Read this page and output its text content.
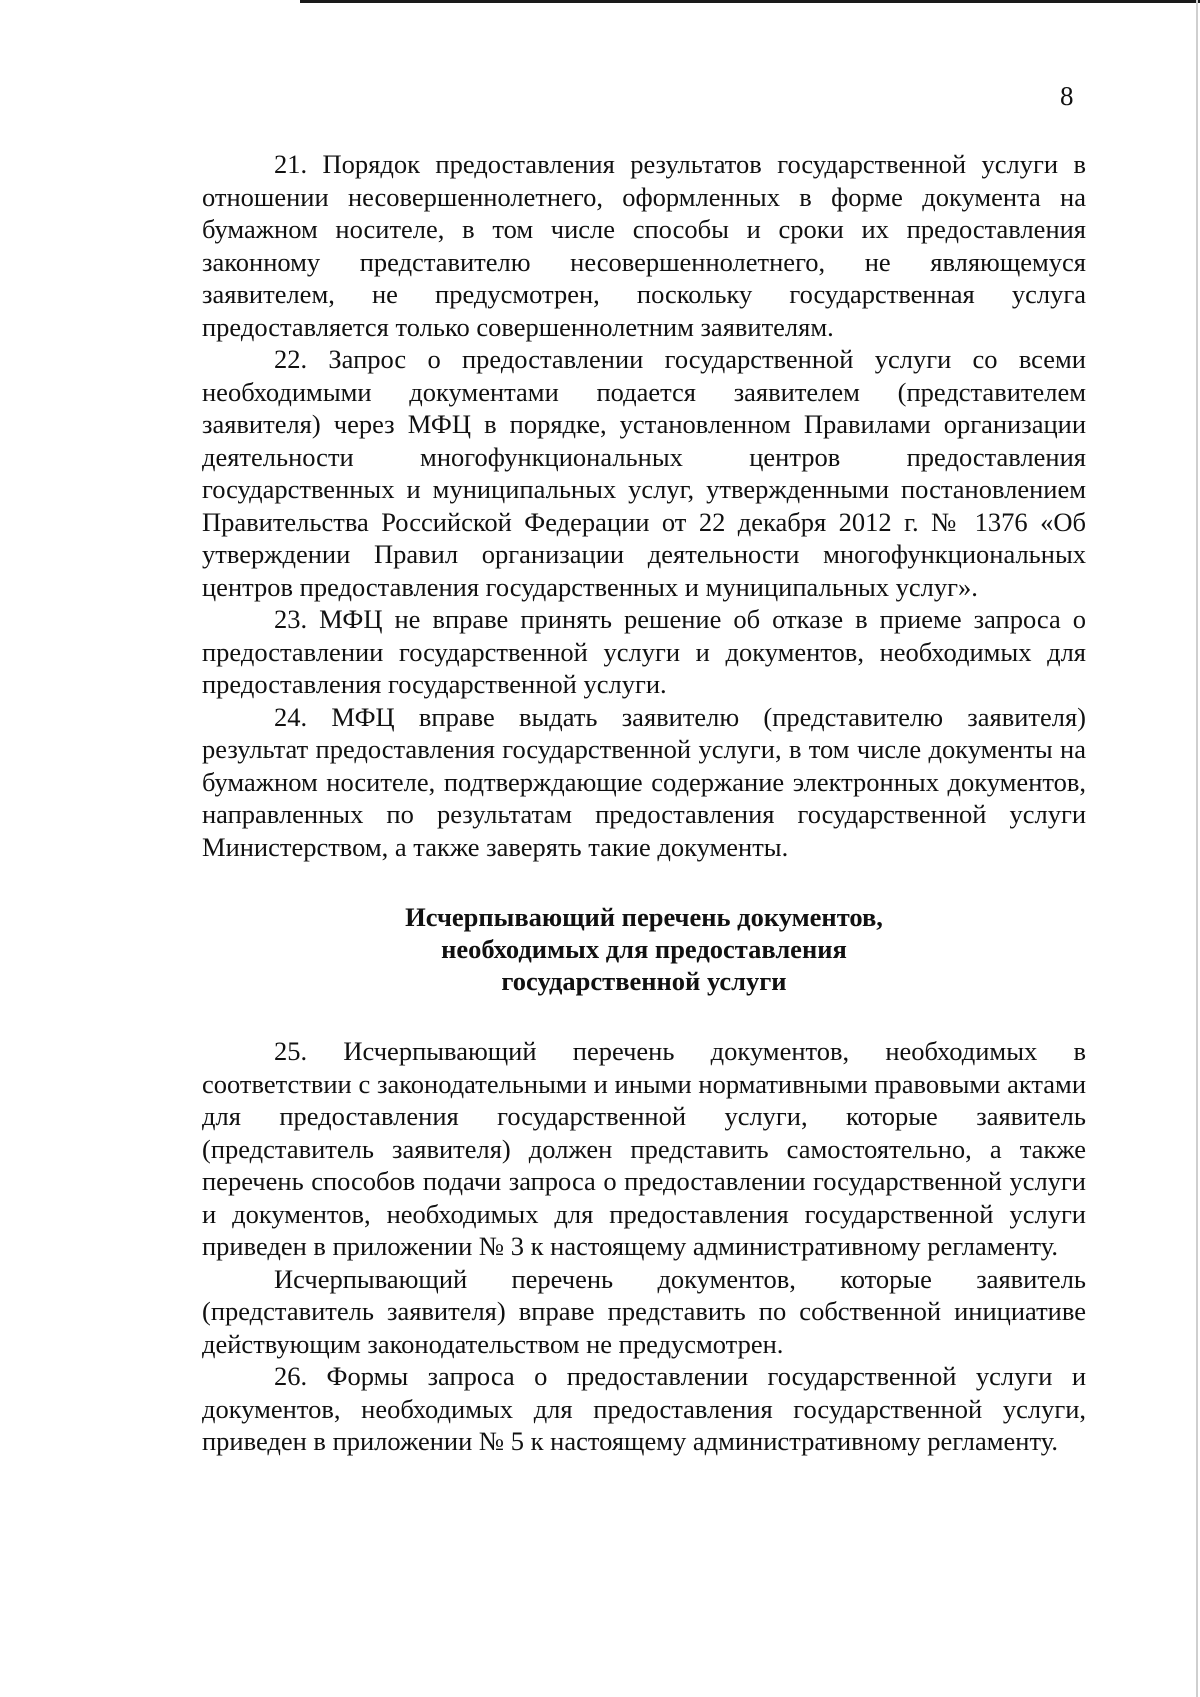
8

21. Порядок предоставления результатов государственной услуги в отношении несовершеннолетнего, оформленных в форме документа на бумажном носителе, в том числе способы и сроки их предоставления законному представителю несовершеннолетнего, не являющемуся заявителем, не предусмотрен, поскольку государственная услуга предоставляется только совершеннолетним заявителям.

22. Запрос о предоставлении государственной услуги со всеми необходимыми документами подается заявителем (представителем заявителя) через МФЦ в порядке, установленном Правилами организации деятельности многофункциональных центров предоставления государственных и муниципальных услуг, утвержденными постановлением Правительства Российской Федерации от 22 декабря 2012 г. № 1376 «Об утверждении Правил организации деятельности многофункциональных центров предоставления государственных и муниципальных услуг».

23. МФЦ не вправе принять решение об отказе в приеме запроса о предоставлении государственной услуги и документов, необходимых для предоставления государственной услуги.

24. МФЦ вправе выдать заявителю (представителю заявителя) результат предоставления государственной услуги, в том числе документы на бумажном носителе, подтверждающие содержание электронных документов, направленных по результатам предоставления государственной услуги Министерством, а также заверять такие документы.

Исчерпывающий перечень документов,
необходимых для предоставления
государственной услуги

25. Исчерпывающий перечень документов, необходимых в соответствии с законодательными и иными нормативными правовыми актами для предоставления государственной услуги, которые заявитель (представитель заявителя) должен представить самостоятельно, а также перечень способов подачи запроса о предоставлении государственной услуги и документов, необходимых для предоставления государственной услуги приведен в приложении № 3 к настоящему административному регламенту.

Исчерпывающий перечень документов, которые заявитель (представитель заявителя) вправе представить по собственной инициативе действующим законодательством не предусмотрен.

26. Формы запроса о предоставлении государственной услуги и документов, необходимых для предоставления государственной услуги, приведен в приложении № 5 к настоящему административному регламенту.
